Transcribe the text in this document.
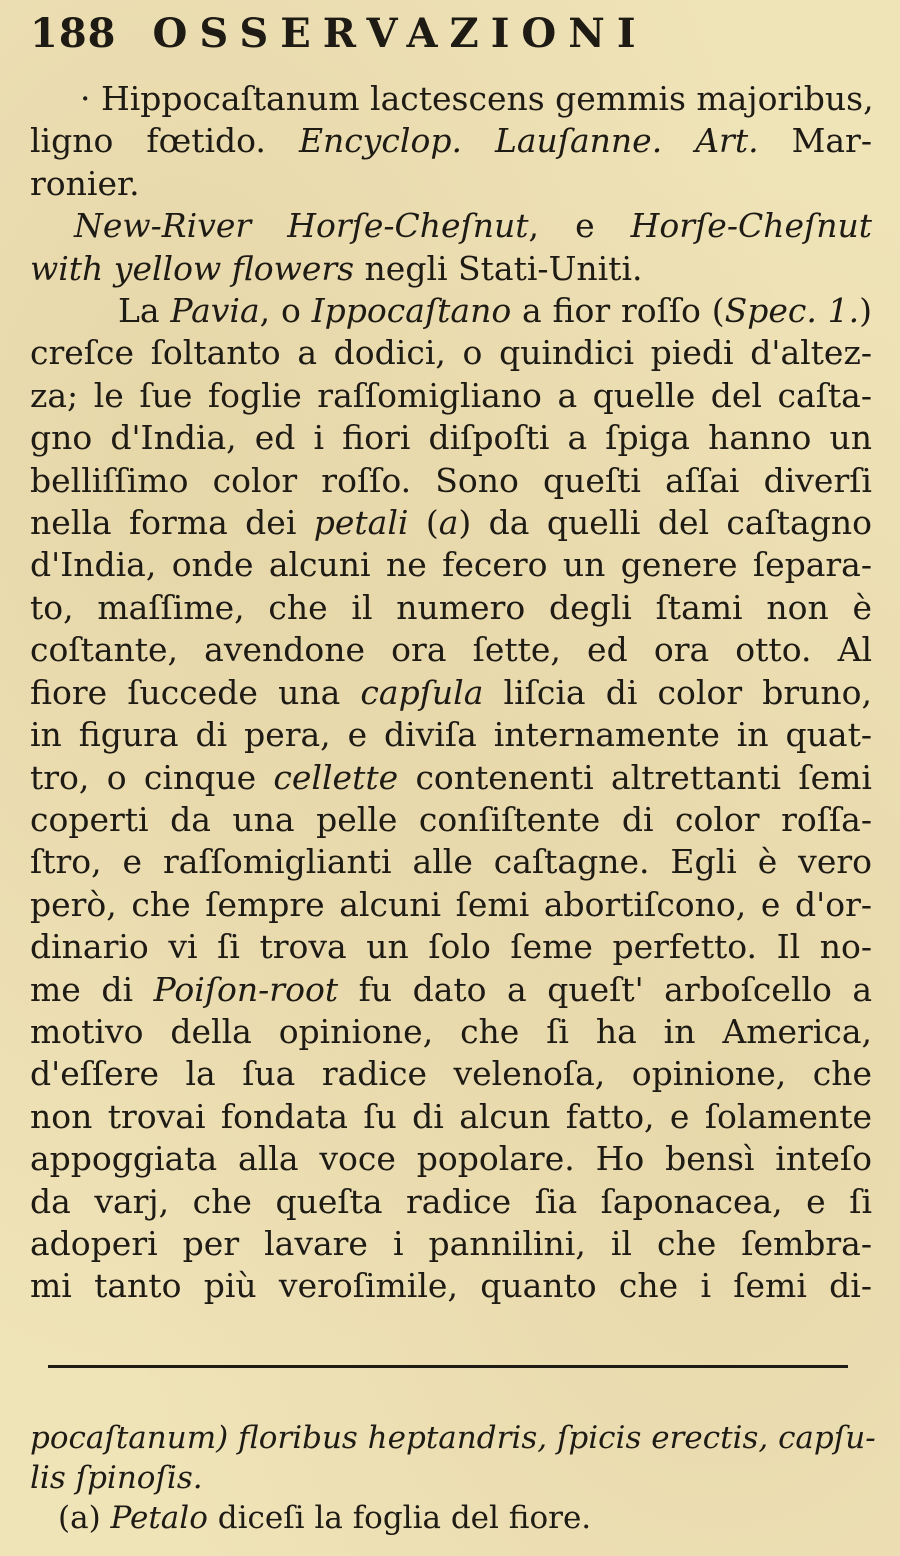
188 OSSERVAZIONI
· Hippocaſtanum lactescens gemmis majoribus,
ligno fœtido. Encyclop. Lauſanne. Art. Mar-
ronier.
New-River Horſe-Cheſnut, e Horſe-Cheſnut
with yellow flowers negli Stati-Uniti.
La Pavia, o Ippocaſtano a fior roſſo (Spec. 1.)
creſce ſoltanto a dodici, o quindici piedi d'altez-
za; le ſue foglie raſſomigliano a quelle del caſta-
gno d'India, ed i fiori diſpoſti a ſpiga hanno un
belliſſimo color roſſo. Sono queſti aſſai diverſi
nella forma dei petali (a) da quelli del caſtagno
d'India, onde alcuni ne fecero un genere ſepara-
to, maſſime, che il numero degli ſtami non è
coſtante, avendone ora ſette, ed ora otto. Al
fiore ſuccede una capſula liſcia di color bruno,
in figura di pera, e diviſa internamente in quat-
tro, o cinque cellette contenenti altrettanti ſemi
coperti da una pelle conſiſtente di color roſſa-
ſtro, e raſſomiglianti alle caſtagne. Egli è vero
però, che ſempre alcuni ſemi abortiſcono, e d'or-
dinario vi ſi trova un ſolo ſeme perfetto. Il no-
me di Poiſon-root fu dato a queſt' arboſcello a
motivo della opinione, che ſi ha in America,
d'eſſere la ſua radice velenoſa, opinione, che
non trovai fondata ſu di alcun fatto, e ſolamente
appoggiata alla voce popolare. Ho bensì inteſo
da varj, che queſta radice ſia ſaponacea, e ſi
adoperi per lavare i pannilini, il che ſembra-
mi tanto più veroſimile, quanto che i ſemi di-
pocaſtanum) floribus heptandris, ſpicis erectis, capſu-
lis ſpinoſis.
(a) Petalo diceſi la foglia del fiore.
